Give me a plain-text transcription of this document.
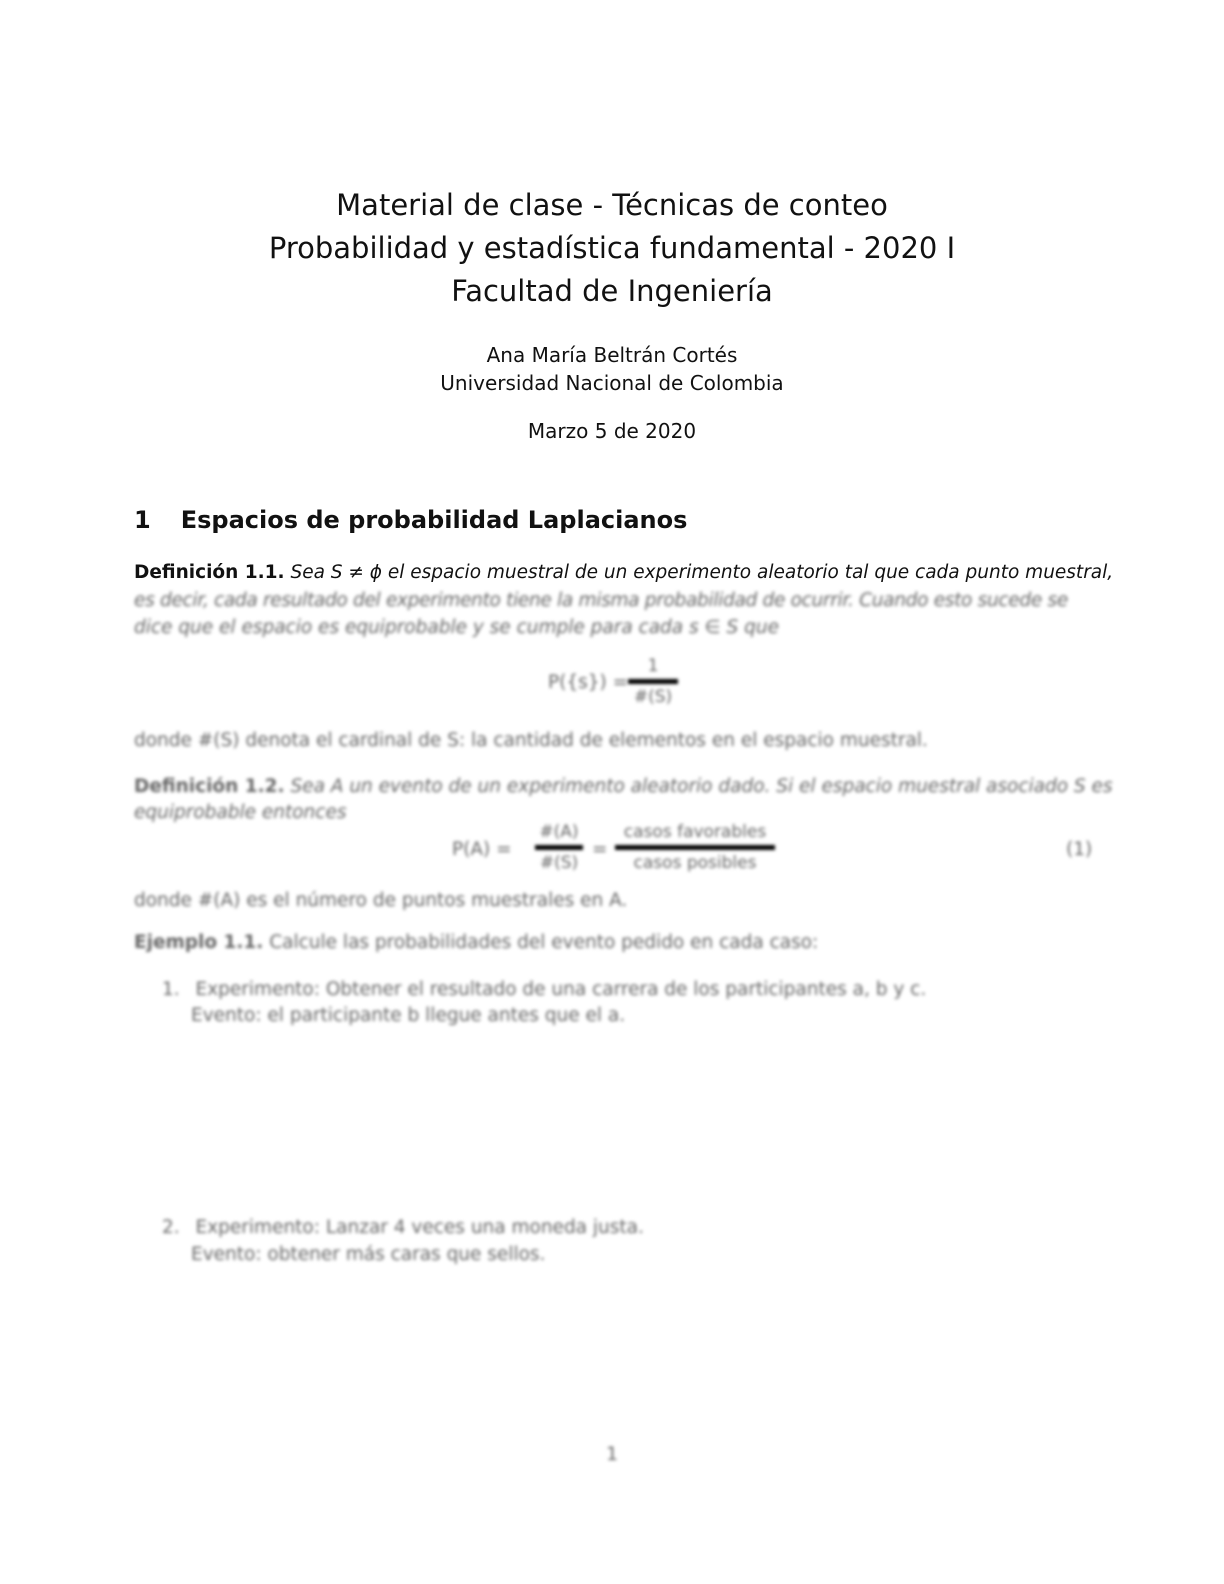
Material de clase - Técnicas de conteo
Probabilidad y estadística fundamental - 2020 I
Facultad de Ingeniería
Ana María Beltrán Cortés
Universidad Nacional de Colombia
Marzo 5 de 2020
1 Espacios de probabilidad Laplacianos
Definición 1.1. Sea S ≠ ϕ el espacio muestral de un experimento aleatorio tal que cada punto muestral,
es decir, cada resultado del experimento tiene la misma probabilidad de ocurrir. Cuando esto sucede se
dice que el espacio es equiprobable y se cumple para cada s ∈ S que
P({s}) =
1
#(S)
donde #(S) denota el cardinal de S: la cantidad de elementos en el espacio muestral.
Definición 1.2. Sea A un evento de un experimento aleatorio dado. Si el espacio muestral asociado S es
equiprobable entonces
P(A) =
#(A)
#(S)
=
casos favorables
casos posibles
(1)
donde #(A) es el número de puntos muestrales en A.
Ejemplo 1.1. Calcule las probabilidades del evento pedido en cada caso:
1. Experimento: Obtener el resultado de una carrera de los participantes a, b y c.
Evento: el participante b llegue antes que el a.
2. Experimento: Lanzar 4 veces una moneda justa.
Evento: obtener más caras que sellos.
1
